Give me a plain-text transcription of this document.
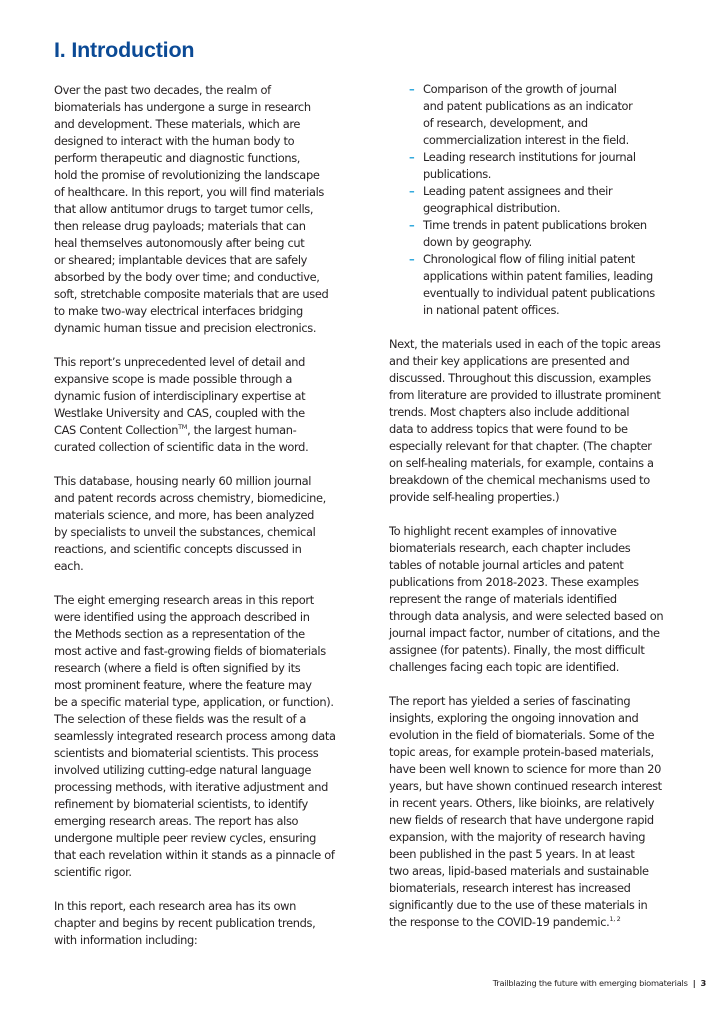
I. Introduction

Over the past two decades, the realm of
biomaterials has undergone a surge in research
and development. These materials, which are
designed to interact with the human body to
perform therapeutic and diagnostic functions,
hold the promise of revolutionizing the landscape
of healthcare. In this report, you will find materials
that allow antitumor drugs to target tumor cells,
then release drug payloads; materials that can
heal themselves autonomously after being cut
or sheared; implantable devices that are safely
absorbed by the body over time; and conductive,
soft, stretchable composite materials that are used
to make two-way electrical interfaces bridging
dynamic human tissue and precision electronics.

This report’s unprecedented level of detail and
expansive scope is made possible through a
dynamic fusion of interdisciplinary expertise at
Westlake University and CAS, coupled with the
CAS Content Collection™, the largest human-
curated collection of scientific data in the word.

This database, housing nearly 60 million journal
and patent records across chemistry, biomedicine,
materials science, and more, has been analyzed
by specialists to unveil the substances, chemical
reactions, and scientific concepts discussed in
each.

The eight emerging research areas in this report
were identified using the approach described in
the Methods section as a representation of the
most active and fast-growing fields of biomaterials
research (where a field is often signified by its
most prominent feature, where the feature may
be a specific material type, application, or function).
The selection of these fields was the result of a
seamlessly integrated research process among data
scientists and biomaterial scientists. This process
involved utilizing cutting-edge natural language
processing methods, with iterative adjustment and
refinement by biomaterial scientists, to identify
emerging research areas. The report has also
undergone multiple peer review cycles, ensuring
that each revelation within it stands as a pinnacle of
scientific rigor.

In this report, each research area has its own
chapter and begins by recent publication trends,
with information including:

– Comparison of the growth of journal
and patent publications as an indicator
of research, development, and
commercialization interest in the field.
– Leading research institutions for journal
publications.
– Leading patent assignees and their
geographical distribution.
– Time trends in patent publications broken
down by geography.
– Chronological flow of filing initial patent
applications within patent families, leading
eventually to individual patent publications
in national patent offices.

Next, the materials used in each of the topic areas
and their key applications are presented and
discussed. Throughout this discussion, examples
from literature are provided to illustrate prominent
trends. Most chapters also include additional
data to address topics that were found to be
especially relevant for that chapter. (The chapter
on self-healing materials, for example, contains a
breakdown of the chemical mechanisms used to
provide self-healing properties.)

To highlight recent examples of innovative
biomaterials research, each chapter includes
tables of notable journal articles and patent
publications from 2018-2023. These examples
represent the range of materials identified
through data analysis, and were selected based on
journal impact factor, number of citations, and the
assignee (for patents). Finally, the most difficult
challenges facing each topic are identified.

The report has yielded a series of fascinating
insights, exploring the ongoing innovation and
evolution in the field of biomaterials. Some of the
topic areas, for example protein-based materials,
have been well known to science for more than 20
years, but have shown continued research interest
in recent years. Others, like bioinks, are relatively
new fields of research that have undergone rapid
expansion, with the majority of research having
been published in the past 5 years. In at least
two areas, lipid-based materials and sustainable
biomaterials, research interest has increased
significantly due to the use of these materials in
the response to the COVID-19 pandemic.$^{1, 2}$

Trailblazing the future with emerging biomaterials | 3
